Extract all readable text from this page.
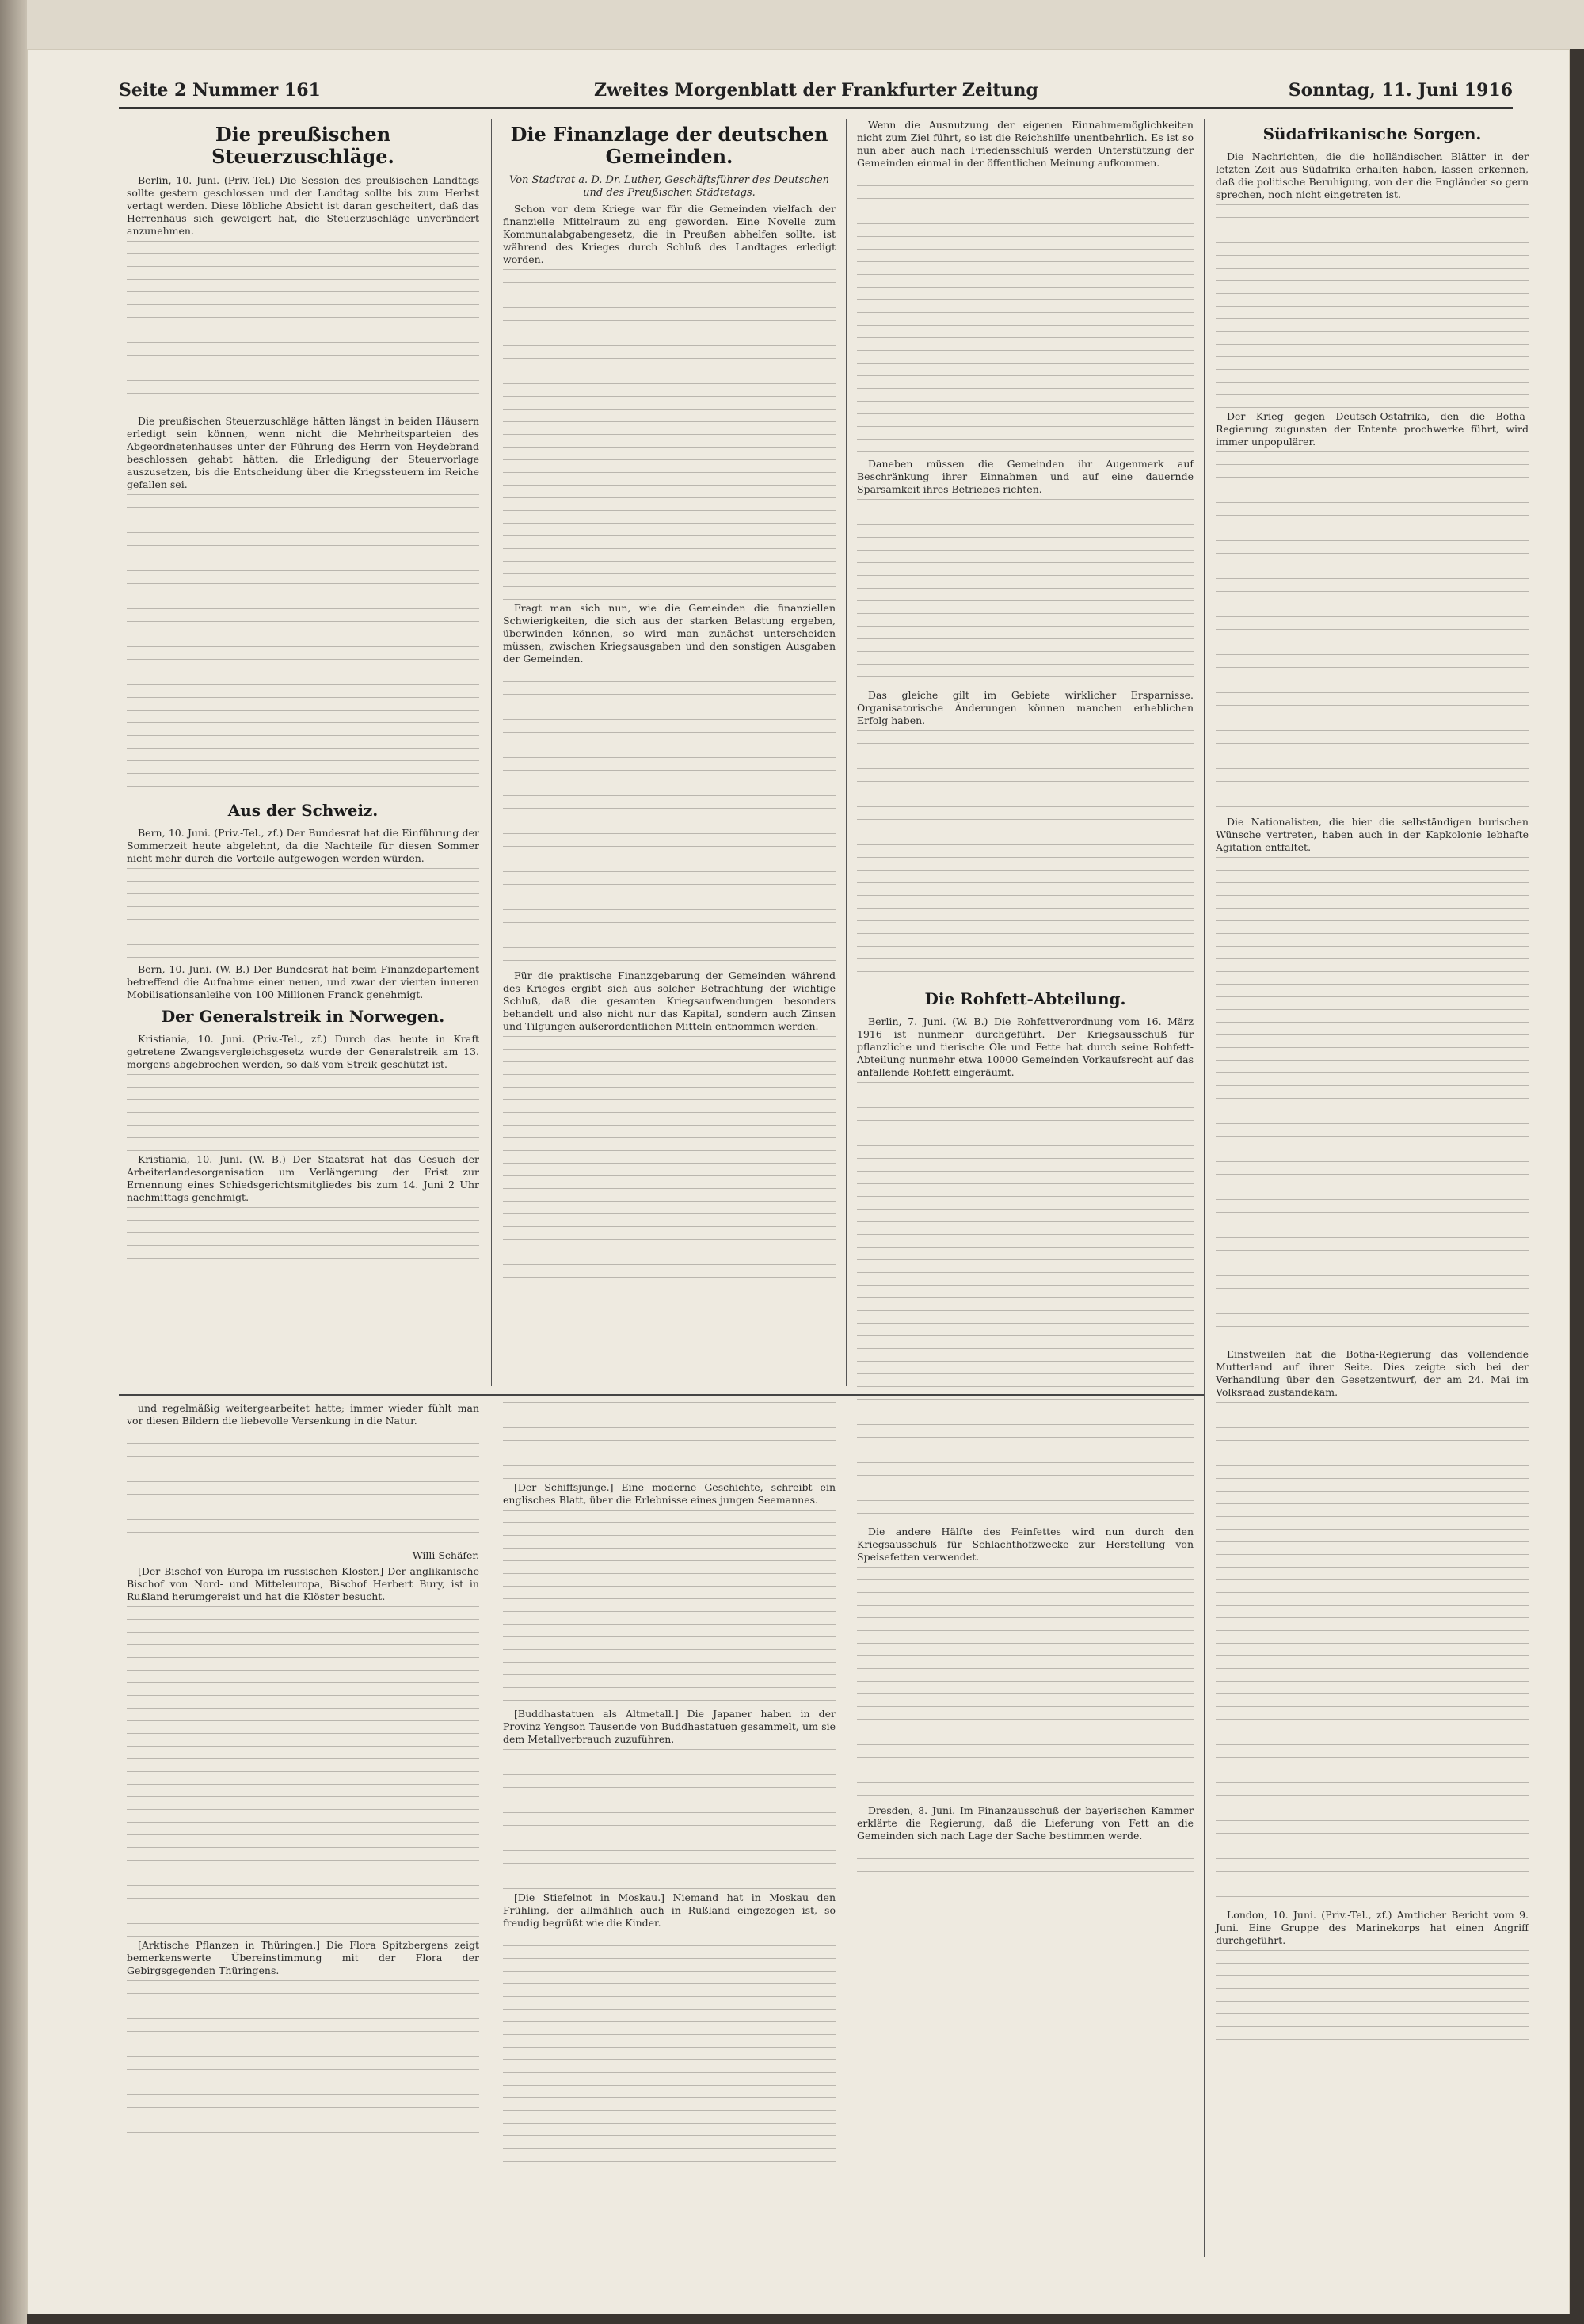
Seite 2 Nummer 161	Zweites Morgenblatt der Frankfurter Zeitung	Sonntag, 11. Juni 1916
Die preußischen Steuerzuschläge.

Berlin, 10. Juni. (Priv.-Tel.) Die Session des preußischen Landtags sollte gestern geschlossen und der Landtag sollte bis zum Herbst vertagt werden. Diese löbliche Absicht ist daran gescheitert, daß das Herrenhaus sich geweigert hat, die Steuerzuschläge unverändert anzunehmen.

Die preußischen Steuerzuschläge hätten längst in beiden Häusern erledigt sein können, wenn nicht die Mehrheitsparteien des Abgeordnetenhauses unter der Führung des Herrn von Heydebrand beschlossen gehabt hätten, die Erledigung der Steuervorlage auszusetzen, bis die Entscheidung über die Kriegssteuern im Reiche gefallen sei.

Aus der Schweiz.

Bern, 10. Juni. (Priv.-Tel., zf.) Der Bundesrat hat die Einführung der Sommerzeit heute abgelehnt, da die Nachteile für diesen Sommer nicht mehr durch die Vorteile aufgewogen werden würden.

Bern, 10. Juni. (W. B.) Der Bundesrat hat beim Finanzdepartement betreffend die Aufnahme einer neuen, und zwar der vierten inneren Mobilisationsanleihe von 100 Millionen Franck genehmigt.

Der Generalstreik in Norwegen.

Kristiania, 10. Juni. (Priv.-Tel., zf.) Durch das heute in Kraft getretene Zwangsvergleichsgesetz wurde der Generalstreik am 13. morgens abgebrochen werden, so daß vom Streik geschützt ist.

Kristiania, 10. Juni. (W. B.) Der Staatsrat hat das Gesuch der Arbeiterlandesorganisation um Verlängerung der Frist zur Ernennung eines Schiedsgerichtsmitgliedes bis zum 14. Juni 2 Uhr nachmittags genehmigt.

Die Finanzlage der deutschen Gemeinden.

Von Stadtrat a. D. Dr. Luther, Geschäftsführer des Deutschen und des Preußischen Städtetags.

Schon vor dem Kriege war für die Gemeinden vielfach der finanzielle Mittelraum zu eng geworden. Eine Novelle zum Kommunalabgabengesetz, die in Preußen abhelfen sollte, ist während des Krieges durch Schluß des Landtages erledigt worden.

Fragt man sich nun, wie die Gemeinden die finanziellen Schwierigkeiten, die sich aus der starken Belastung ergeben, überwinden können, so wird man zunächst unterscheiden müssen, zwischen Kriegsausgaben und den sonstigen Ausgaben der Gemeinden.

Für die praktische Finanzgebarung der Gemeinden während des Krieges ergibt sich aus solcher Betrachtung der wichtige Schluß, daß die gesamten Kriegsaufwendungen besonders behandelt und also nicht nur das Kapital, sondern auch Zinsen und Tilgungen außerordentlichen Mitteln entnommen werden.

Wenn die Ausnutzung der eigenen Einnahmemöglichkeiten nicht zum Ziel führt, so ist die Reichshilfe unentbehrlich. Es ist so nun aber auch nach Friedensschluß werden Unterstützung der Gemeinden einmal in der öffentlichen Meinung aufkommen.

Daneben müssen die Gemeinden ihr Augenmerk auf Beschränkung ihrer Einnahmen und auf eine dauernde Sparsamkeit ihres Betriebes richten.

Das gleiche gilt im Gebiete wirklicher Ersparnisse. Organisatorische Änderungen können manchen erheblichen Erfolg haben.

Die Rohfett-Abteilung.

Berlin, 7. Juni. (W. B.) Die Rohfettverordnung vom 16. März 1916 ist nunmehr durchgeführt. Der Kriegsausschuß für pflanzliche und tierische Öle und Fette hat durch seine Rohfett-Abteilung nunmehr etwa 10000 Gemeinden Vorkaufsrecht auf das anfallende Rohfett eingeräumt.

Die andere Hälfte des Feinfettes wird nun durch den Kriegsausschuß für Schlachthofzwecke zur Herstellung von Speisefetten verwendet.

Dresden, 8. Juni. Im Finanzausschuß der bayerischen Kammer erklärte die Regierung, daß die Lieferung von Fett an die Gemeinden sich nach Lage der Sache bestimmen werde.

Südafrikanische Sorgen.

Die Nachrichten, die die holländischen Blätter in der letzten Zeit aus Südafrika erhalten haben, lassen erkennen, daß die politische Beruhigung, von der die Engländer so gern sprechen, noch nicht eingetreten ist.

Der Krieg gegen Deutsch-Ostafrika, den die Botha-Regierung zugunsten der Entente prochwerke führt, wird immer unpopulärer.

Die Nationalisten, die hier die selbständigen burischen Wünsche vertreten, haben auch in der Kapkolonie lebhafte Agitation entfaltet.

Einstweilen hat die Botha-Regierung das vollendende Mutterland auf ihrer Seite. Dies zeigte sich bei der Verhandlung über den Gesetzentwurf, der am 24. Mai im Volksraad zustandekam.

London, 10. Juni. (Priv.-Tel., zf.) Amtlicher Bericht vom 9. Juni. Eine Gruppe des Marinekorps hat einen Angriff durchgeführt.

und regelmäßig weitergearbeitet hatte; immer wieder fühlt man vor diesen Bildern die liebevolle Versenkung in die Natur.

Willi Schäfer.

[Der Bischof von Europa im russischen Kloster.] Der anglikanische Bischof von Nord- und Mitteleuropa, Bischof Herbert Bury, ist in Rußland herumgereist und hat die Klöster besucht.

[Arktische Pflanzen in Thüringen.] Die Flora Spitzbergens zeigt bemerkenswerte Übereinstimmung mit der Flora der Gebirgsgegenden Thüringens.

[Der Schiffsjunge.] Eine moderne Geschichte, schreibt ein englisches Blatt, über die Erlebnisse eines jungen Seemannes.

[Buddhastatuen als Altmetall.] Die Japaner haben in der Provinz Yengson Tausende von Buddhastatuen gesammelt, um sie dem Metallverbrauch zuzuführen.

[Die Stiefelnot in Moskau.] Niemand hat in Moskau den Frühling, der allmählich auch in Rußland eingezogen ist, so freudig begrüßt wie die Kinder.
